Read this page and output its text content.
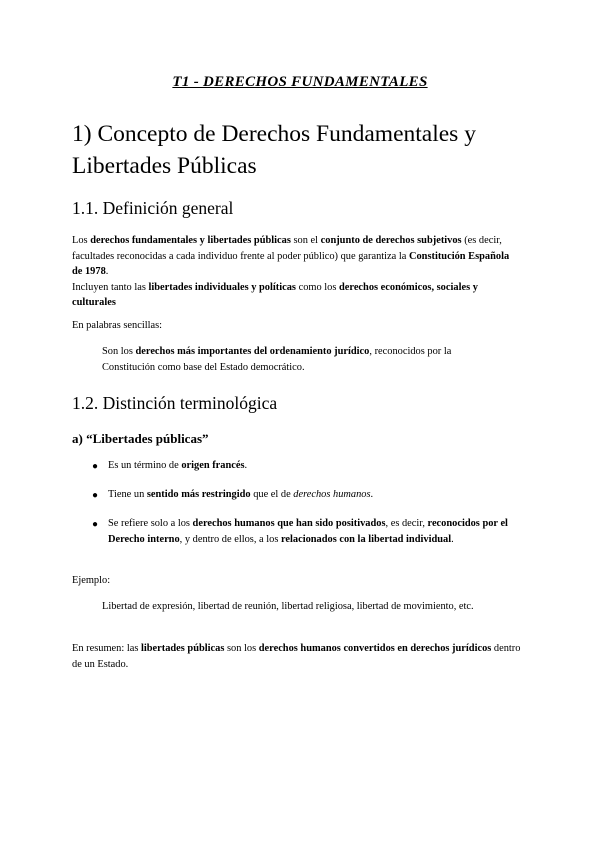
T1 - DERECHOS FUNDAMENTALES
1) Concepto de Derechos Fundamentales y Libertades Públicas
1.1. Definición general
Los derechos fundamentales y libertades públicas son el conjunto de derechos subjetivos (es decir, facultades reconocidas a cada individuo frente al poder público) que garantiza la Constitución Española de 1978.
Incluyen tanto las libertades individuales y políticas como los derechos económicos, sociales y culturales
En palabras sencillas:
Son los derechos más importantes del ordenamiento jurídico, reconocidos por la Constitución como base del Estado democrático.
1.2. Distinción terminológica
a) “Libertades públicas”
● Es un término de origen francés.
● Tiene un sentido más restringido que el de derechos humanos.
● Se refiere solo a los derechos humanos que han sido positivados, es decir, reconocidos por el Derecho interno, y dentro de ellos, a los relacionados con la libertad individual.
Ejemplo:
Libertad de expresión, libertad de reunión, libertad religiosa, libertad de movimiento, etc.
En resumen: las libertades públicas son los derechos humanos convertidos en derechos jurídicos dentro de un Estado.
